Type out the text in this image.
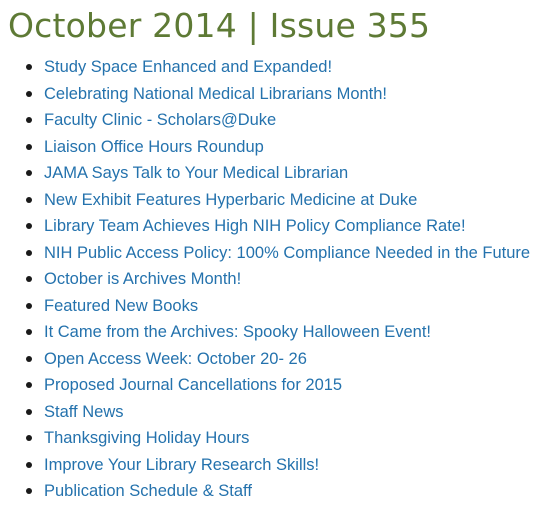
October 2014 | Issue 355
Study Space Enhanced and Expanded!
Celebrating National Medical Librarians Month!
Faculty Clinic - Scholars@Duke
Liaison Office Hours Roundup
JAMA Says Talk to Your Medical Librarian
New Exhibit Features Hyperbaric Medicine at Duke
Library Team Achieves High NIH Policy Compliance Rate!
NIH Public Access Policy: 100% Compliance Needed in the Future
October is Archives Month!
Featured New Books
It Came from the Archives: Spooky Halloween Event!
Open Access Week: October 20- 26
Proposed Journal Cancellations for 2015
Staff News
Thanksgiving Holiday Hours
Improve Your Library Research Skills!
Publication Schedule & Staff
